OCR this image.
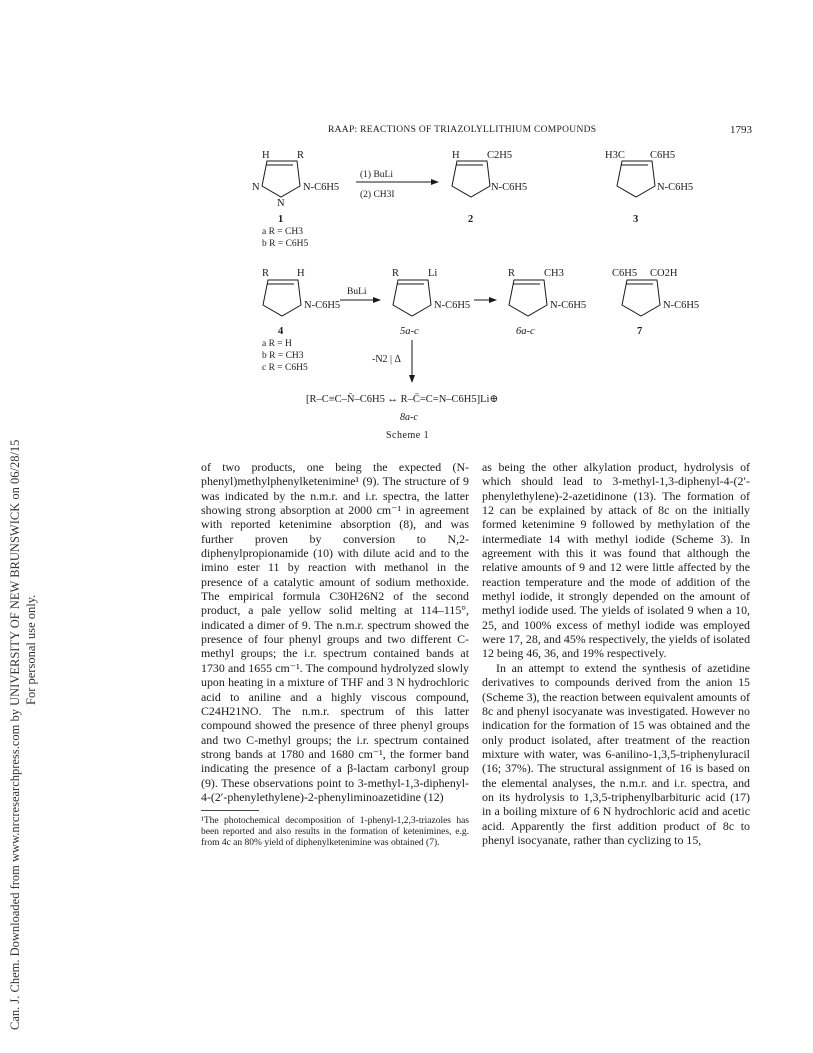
Can. J. Chem. Downloaded from www.nrcresearchpress.com by UNIVERSITY OF NEW BRUNSWICK on 06/28/15 For personal use only.
RAAP: REACTIONS OF TRIAZOLYLLITHIUM COMPOUNDS	1793
H	R
N-C6H5
N
N
1
a R = CH3
b R = C6H5
(1) BuLi
(2) CH3I
H	C2H5
N-C6H5
2
H3C C6H5
N-C6H5
3
R	H
N-C6H5
4
a R = H
b R = CH3
c R = C6H5
BuLi
R	Li
N-C6H5
5a-c
R	CH3
N-C6H5
6a-c
C6H5 CO2H
N-C6H5
7
-N2 | Δ
[R–C≡C–N̄–C6H5 ↔ R–C̄=C=N–C6H5]Li⊕
8a-c
Scheme 1

of two products, one being the expected (N-phenyl)methylphenylketenimine¹ (9). The structure of 9 was indicated by the n.m.r. and i.r. spectra, the latter showing strong absorption at 2000 cm⁻¹ in agreement with reported ketenimine absorption (8), and was further proven by conversion to N,2-diphenylpropionamide (10) with dilute acid and to the imino ester 11 by reaction with methanol in the presence of a catalytic amount of sodium methoxide. The empirical formula C30H26N2 of the second product, a pale yellow solid melting at 114–115°, indicated a dimer of 9. The n.m.r. spectrum showed the presence of four phenyl groups and two different C-methyl groups; the i.r. spectrum contained bands at 1730 and 1655 cm⁻¹. The compound hydrolyzed slowly upon heating in a mixture of THF and 3 N hydrochloric acid to aniline and a highly viscous compound, C24H21NO. The n.m.r. spectrum of this latter compound showed the presence of three phenyl groups and two C-methyl groups; the i.r. spectrum contained strong bands at 1780 and 1680 cm⁻¹, the former band indicating the presence of a β-lactam carbonyl group (9). These observations point to 3-methyl-1,3-diphenyl-4-(2′-phenylethylene)-2-phenyliminoazetidine (12)

¹The photochemical decomposition of 1-phenyl-1,2,3-triazoles has been reported and also results in the formation of ketenimines, e.g. from 4c an 80% yield of diphenylketenimine was obtained (7).

as being the other alkylation product, hydrolysis of which should lead to 3-methyl-1,3-diphenyl-4-(2′-phenylethylene)-2-azetidinone (13). The formation of 12 can be explained by attack of 8c on the initially formed ketenimine 9 followed by methylation of the intermediate 14 with methyl iodide (Scheme 3). In agreement with this it was found that although the relative amounts of 9 and 12 were little affected by the reaction temperature and the mode of addition of the methyl iodide, it strongly depended on the amount of methyl iodide used. The yields of isolated 9 when a 10, 25, and 100% excess of methyl iodide was employed were 17, 28, and 45% respectively, the yields of isolated 12 being 46, 36, and 19% respectively.

In an attempt to extend the synthesis of azetidine derivatives to compounds derived from the anion 15 (Scheme 3), the reaction between equivalent amounts of 8c and phenyl isocyanate was investigated. However no indication for the formation of 15 was obtained and the only product isolated, after treatment of the reaction mixture with water, was 6-anilino-1,3,5-triphenyluracil (16; 37%). The structural assignment of 16 is based on the elemental analyses, the n.m.r. and i.r. spectra, and on its hydrolysis to 1,3,5-triphenylbarbituric acid (17) in a boiling mixture of 6 N hydrochloric acid and acetic acid. Apparently the first addition product of 8c to phenyl isocyanate, rather than cyclizing to 15,
